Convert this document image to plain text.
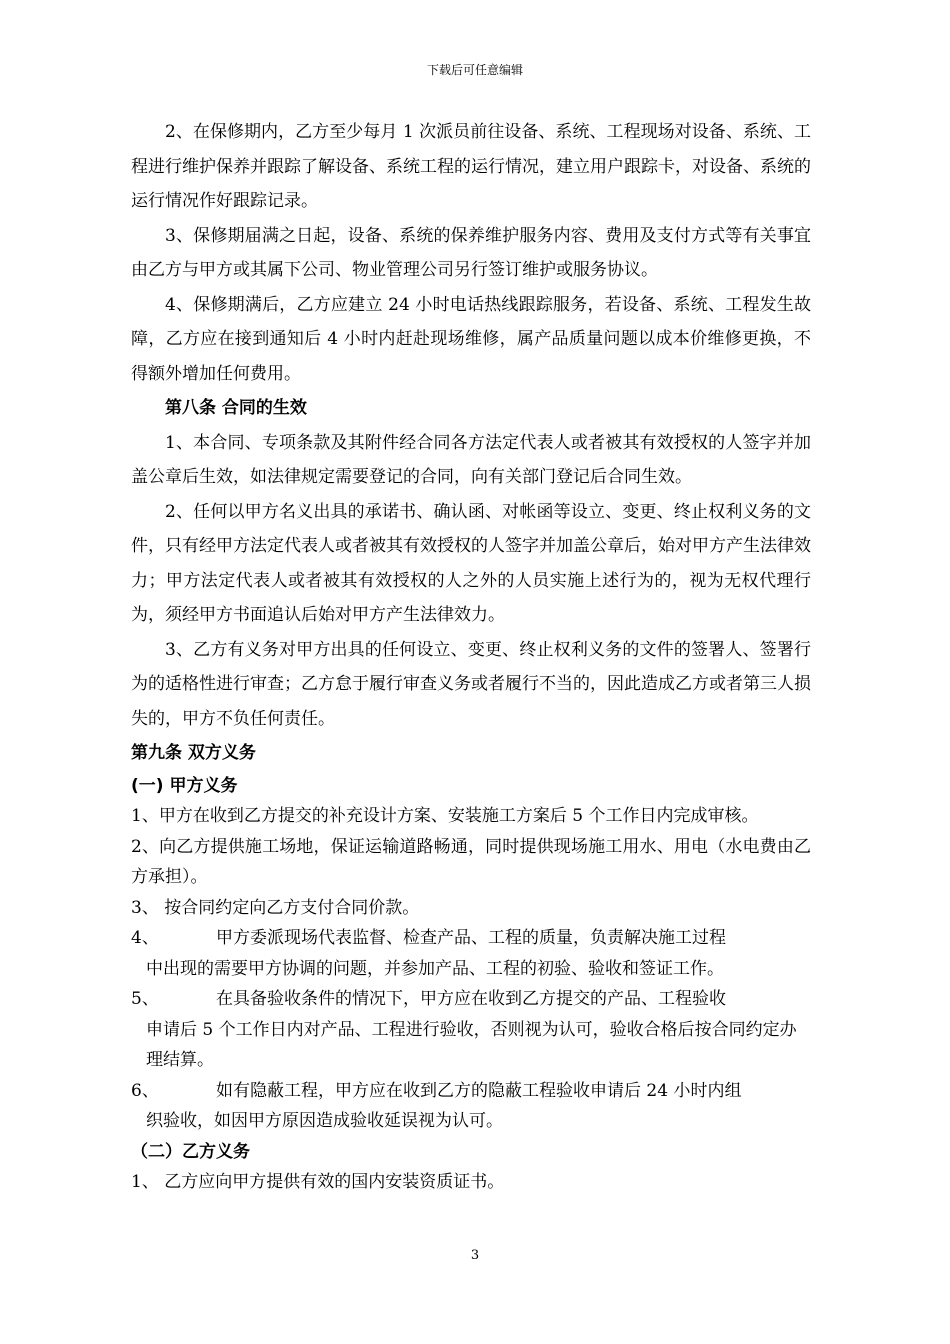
下载后可任意编辑

2、在保修期内，乙方至少每月 1 次派员前往设备、系统、工程现场对设备、系统、工程进行维护保养并跟踪了解设备、系统工程的运行情况，建立用户跟踪卡，对设备、系统的运行情况作好跟踪记录。

3、保修期届满之日起，设备、系统的保养维护服务内容、费用及支付方式等有关事宜由乙方与甲方或其属下公司、物业管理公司另行签订维护或服务协议。

4、保修期满后，乙方应建立 24 小时电话热线跟踪服务，若设备、系统、工程发生故障，乙方应在接到通知后 4 小时内赶赴现场维修，属产品质量问题以成本价维修更换，不得额外增加任何费用。

第八条 合同的生效

1、本合同、专项条款及其附件经合同各方法定代表人或者被其有效授权的人签字并加盖公章后生效，如法律规定需要登记的合同，向有关部门登记后合同生效。

2、任何以甲方名义出具的承诺书、确认函、对帐函等设立、变更、终止权利义务的文件，只有经甲方法定代表人或者被其有效授权的人签字并加盖公章后，始对甲方产生法律效力；甲方法定代表人或者被其有效授权的人之外的人员实施上述行为的，视为无权代理行为，须经甲方书面追认后始对甲方产生法律效力。

3、乙方有义务对甲方出具的任何设立、变更、终止权利义务的文件的签署人、签署行为的适格性进行审查；乙方怠于履行审查义务或者履行不当的，因此造成乙方或者第三人损失的，甲方不负任何责任。

第九条 双方义务

(一) 甲方义务

1、甲方在收到乙方提交的补充设计方案、安装施工方案后 5 个工作日内完成审核。

2、向乙方提供施工场地，保证运输道路畅通，同时提供现场施工用水、用电（水电费由乙方承担）。

3、 按合同约定向乙方支付合同价款。

4、	甲方委派现场代表监督、检查产品、工程的质量，负责解决施工过程
中出现的需要甲方协调的问题，并参加产品、工程的初验、验收和签证工作。
5、	在具备验收条件的情况下，甲方应在收到乙方提交的产品、工程验收
申请后 5 个工作日内对产品、工程进行验收，否则视为认可，验收合格后按合同约定办理结算。
6、	如有隐蔽工程，甲方应在收到乙方的隐蔽工程验收申请后 24 小时内组
织验收，如因甲方原因造成验收延误视为认可。

（二）乙方义务

1、 乙方应向甲方提供有效的国内安装资质证书。

3
